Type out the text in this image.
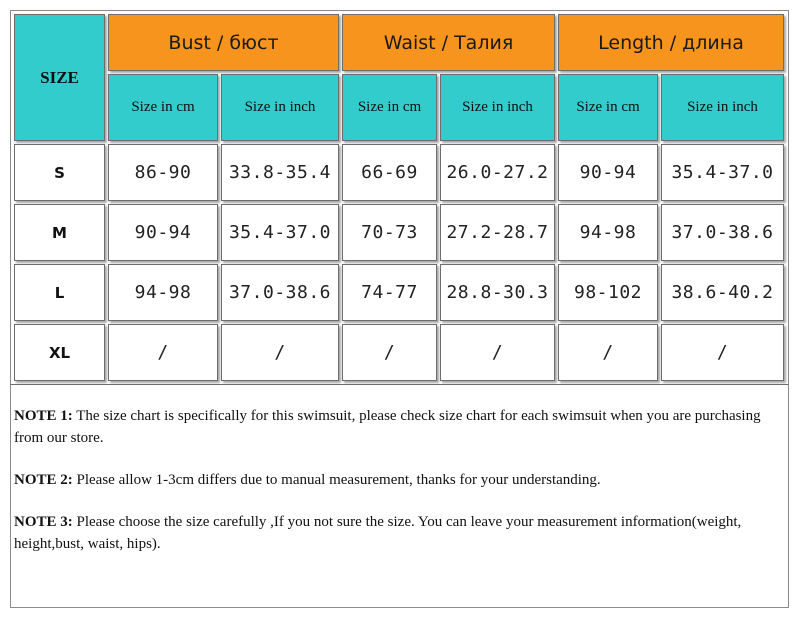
SIZE
Bust / бюст	Waist / Талия	Length / длина
Size in cm	Size in inch	Size in cm	Size in inch	Size in cm	Size in inch
S	86-90	33.8-35.4	66-69	26.0-27.2	90-94	35.4-37.0
M	90-94	35.4-37.0	70-73	27.2-28.7	94-98	37.0-38.6
L	94-98	37.0-38.6	74-77	28.8-30.3	98-102	38.6-40.2
XL	/	/	/	/	/	/

NOTE 1: The size chart is specifically for this swimsuit, please check size chart for each swimsuit when you are purchasing from our store.

NOTE 2: Please allow 1-3cm differs due to manual measurement, thanks for your understanding.

NOTE 3: Please choose the size carefully ,If you not sure the size. You can leave your measurement information(weight, height,bust, waist, hips).
